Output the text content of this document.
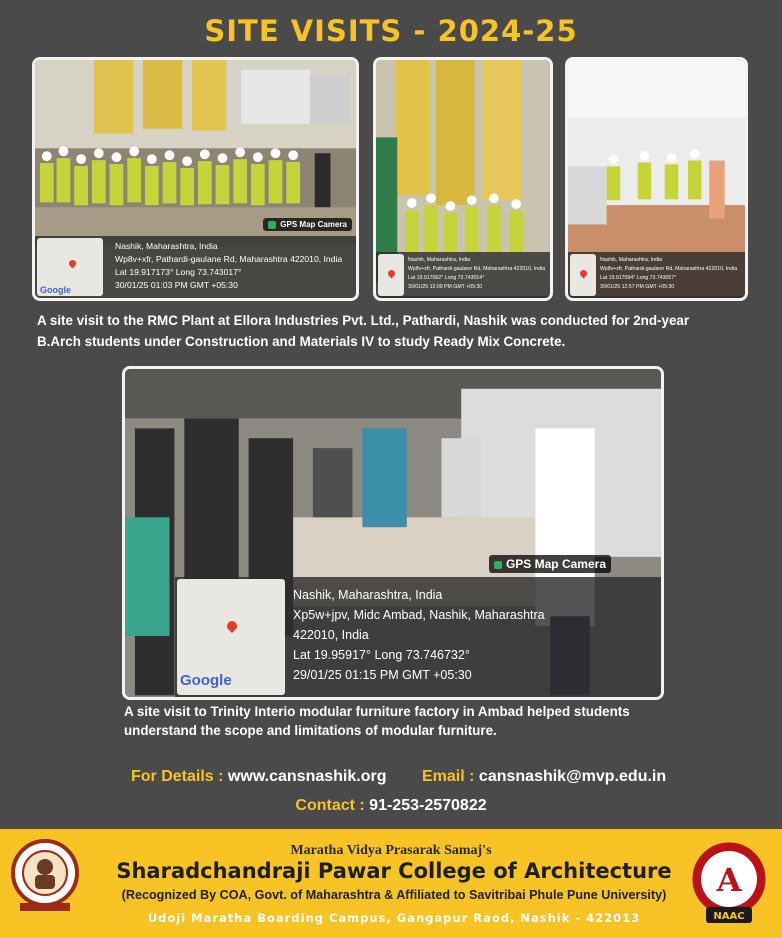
SITE VISITS - 2024-25
GPS Map Camera
Google
Nashik, Maharashtra, India
Wp8v+xfr, Pathardi-gaulane Rd, Maharashtra 422010, India
Lat 19.917173° Long 73.743017°
30/01/25 01:03 PM GMT +05:30
Nashik, Maharashtra, India
Wp8v+xfr, Pathardi-gaulane Rd, Maharashtra 422010, India
Lat 19.917062° Long 73.743014°
30/01/25 12:09 PM GMT +05:30
Nashik, Maharashtra, India
Wp8v+xfr, Pathardi-gaulane Rd, Maharashtra 422010, India
Lat 19.917094° Long 73.743057°
30/01/25 12:57 PM GMT +05:30
A site visit to the RMC Plant at Ellora Industries Pvt. Ltd., Pathardi, Nashik was conducted for 2nd-year
B.Arch students under Construction and Materials IV to study Ready Mix Concrete.
GPS Map Camera
Google
Nashik, Maharashtra, India
Xp5w+jpv, Midc Ambad, Nashik, Maharashtra
422010, India
Lat 19.95917° Long 73.746732°
29/01/25 01:15 PM GMT +05:30
A site visit to Trinity Interio modular furniture factory in Ambad helped students
understand the scope and limitations of modular furniture.
For Details : www.cansnashik.org Email : cansnashik@mvp.edu.in
Contact : 91-253-2570822
Maratha Vidya Prasarak Samaj's
Sharadchandraji Pawar College of Architecture
(Recognized By COA, Govt. of Maharashtra & Affiliated to Savitribai Phule Pune University)
Udoji Maratha Boarding Campus, Gangapur Raod, Nashik - 422013
A
NAAC
